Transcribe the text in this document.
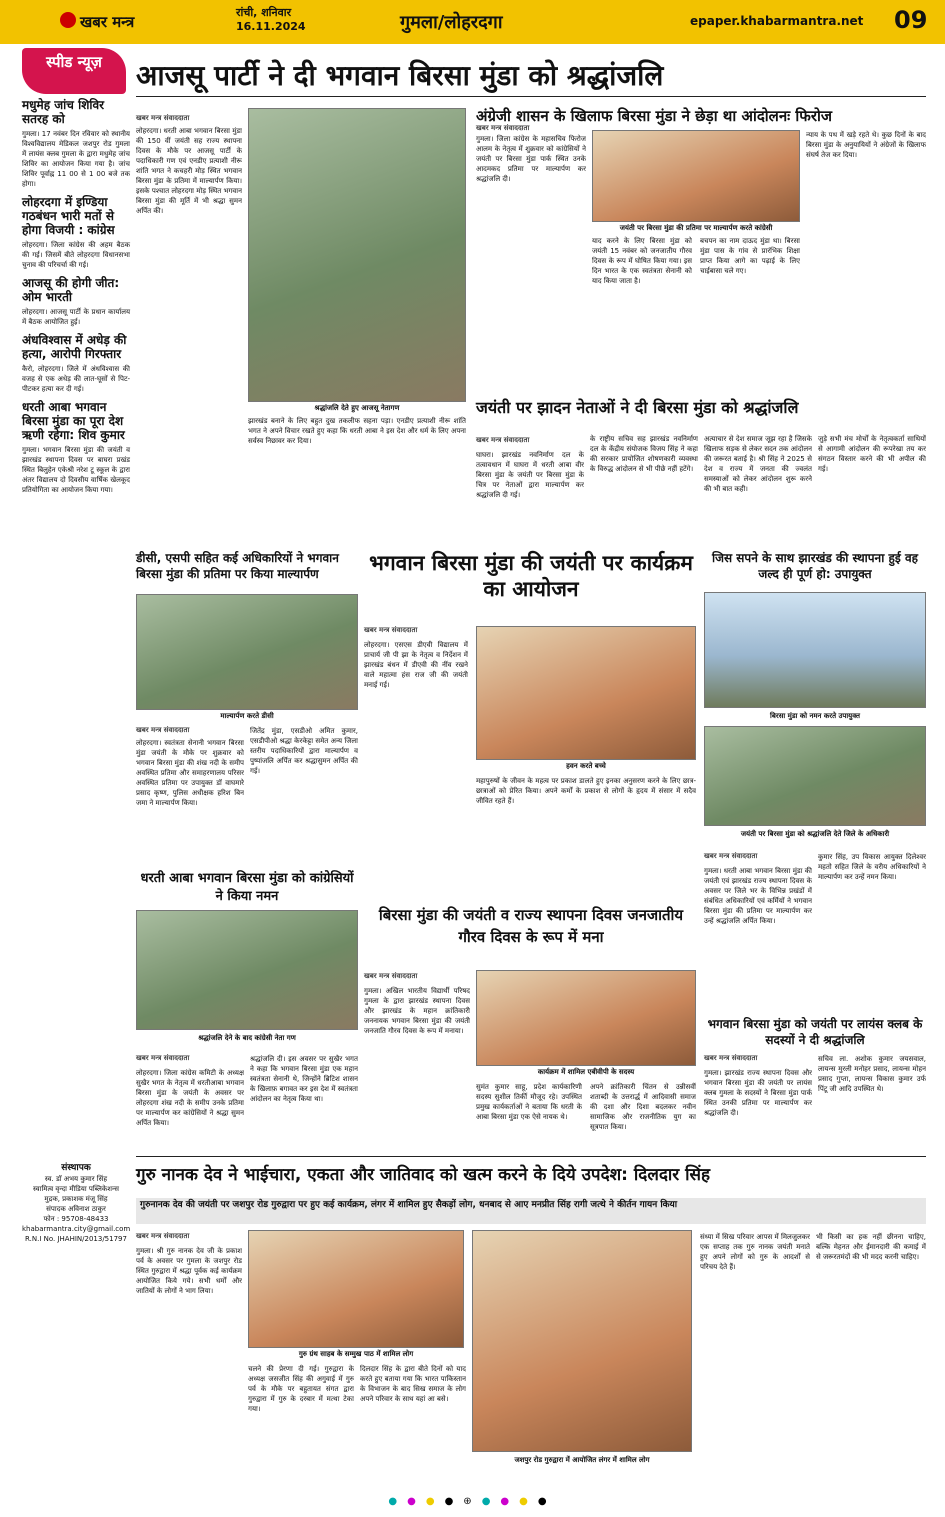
खबर मन्त्र
रांची, शनिवार
16.11.2024	गुमला/लोहरदगा	epaper.khabarmantra.net 09
स्पीड न्यूज़
मधुमेह जांच शिविर सतरह को
गुमला। 17 नवंबर दिन रविवार को स्थानीय विश्वविद्यालय मेडिकल जशपुर रोड गुमला में लायंस क्लब गुमला के द्वारा मधुमेह जांच शिविर का आयोजन किया गया है। जांच शिविर पूर्वाह्न 11 00 से 1 00 बजे तक होगा।
लोहरदगा में इण्डिया गठबंधन भारी मतों से होगा विजयी : कांग्रेस
लोहरदगा। जिला कांग्रेस की अहम बैठक की गई। जिसमें बीते लोहरदगा विधानसभा चुनाव की परिचर्चा की गई।
आजसू की होगी जीत: ओम भारती
लोहरदगा। आजसू पार्टी के प्रधान कार्यालय में बैठक आयोजित हुई।
अंधविश्वास में अधेड़ की हत्या, आरोपी गिरफ्तार
कैरो, लोहरदगा। जिले में अंधविश्वास की वजह से एक अधेड़ की लात-घूसों से पिट-पीटकर हत्या कर दी गई।
धरती आबा भगवान बिरसा मुंडा का पूरा देश ऋणी रहेगा: शिव कुमार
गुमला। भगवान बिरसा मुंडा की जयंती व झारखंड स्थापना दिवस पर बाघरा प्रखंड स्थित बिलुहेन एकेश्री नरेश टू स्कूल के द्वारा अंतर विद्यालय दो दिवसीय वार्षिक खेलकूद प्रतियोगिता का आयोजन किया गया।
संस्थापक
स्व. डॉ अभय कुमार सिंह
स्वामित्व वृन्दा मीडिया पब्लिकेशन्स
मुद्रक, प्रकाशक मंजू सिंह
संपादक अविनाश ठाकुर
फोन : 95708-48433
khabarmantra.city@gmail.com
R.N.I No. JHAHIN/2013/51797
आजसू पार्टी ने दी भगवान बिरसा मुंडा को श्रद्धांजलि
खबर मन्त्र संवाददाता
लोहरदगा। धरती आबा भगवान बिरसा मुंडा की 150 वीं जयंती सह राज्य स्थापना दिवस के मौके पर आजसू पार्टी के पदाधिकारी गण एवं एनडीए प्रत्याशी नीरू शांति भगत ने कचहरी मोड़ स्थित भगवान बिरसा मुंडा के प्रतिमा में माल्यार्पण किया। इसके पश्चात लोहरदगा मोड़ स्थित भगवान बिरसा मुंडा की मूर्ति में भी श्रद्धा सुमन अर्पित की।
श्रद्धांजलि देते हुए आजसू नेतागण
झारखंड बनाने के लिए बहुत दुख तकलीफ सहना पड़ा। एनडीए प्रत्याशी नीरू शांति भगत ने अपने विचार रखते हुए कहा कि धरती आबा ने इस देश और धर्म के लिए अपना सर्वस्व निछावर कर दिया।
अंग्रेजी शासन के खिलाफ बिरसा मुंडा ने छेड़ा था आंदोलनः फिरोज
खबर मन्त्र संवाददाता
गुमला। जिला कांग्रेस के महासचिव फिरोज आलम के नेतृत्व में शुक्रवार को कांग्रेसियों ने जयंती पर बिरसा मुंडा पार्क स्थित उनके आदमकद प्रतिमा पर माल्यार्पण कर श्रद्धांजलि दी।
जयंती पर बिरसा मुंडा की प्रतिमा पर माल्यार्पण करते कांग्रेसी
याद करने के लिए बिरसा मुंडा को जयंती 15 नवंबर को जनजातीय गौरव दिवस के रूप में घोषित किया गया। इस दिन भारत के एक स्वतंत्रता सेनानी को याद किया जाता है।
बचपन का नाम दाऊद मुंडा था। बिरसा मुंडा पास के गांव से प्रारंभिक शिक्षा प्राप्त किया आगे का पढ़ाई के लिए चाईबासा चले गए।
न्याय के पथ में खड़े रहते थे। कुछ दिनों के बाद बिरसा मुंडा के अनुयायियों ने अंग्रेजों के खिलाफ संघर्ष तेज कर दिया।
जयंती पर झादन नेताओं ने दी बिरसा मुंडा को श्रद्धांजलि
खबर मन्त्र संवाददाता
घाघरा। झारखंड नवनिर्माण दल के तत्वावधान में घाघरा में धरती आबा वीर बिरसा मुंडा के जयंती पर बिरसा मुंडा के चित्र पर नेताओं द्वारा माल्यार्पण कर श्रद्धांजलि दी गई।
के राष्ट्रीय सचिव सह झारखंड नवनिर्माण दल के केंद्रीय संयोजक विजय सिंह ने कहा की सरकार प्रायोजित शोषणकारी व्यवस्था के विरुद्ध आंदोलन से भी पीछे नहीं हटेंगे।
अत्याचार से देश समाज जूझ रहा है जिसके खिलाफ सड़क से लेकर सदन तक आंदोलन की जरूरत बताई है। श्री सिंह ने 2025 से देश व राज्य में जनता की ज्वलंत समस्याओं को लेकर आंदोलन शुरू करने की भी बात कही।
जुड़े सभी मंच मोर्चों के नेतृत्वकर्ता साथियों से आगामी आंदोलन की रूपरेखा तय कर संगठन विस्तार करने की भी अपील की गई।
डीसी, एसपी सहित कई अधिकारियों ने भगवान बिरसा मुंडा की प्रतिमा पर किया माल्यार्पण
माल्यार्पण करते डीसी
खबर मन्त्र संवाददाता
लोहरदगा। स्वतंत्रता सेनानी भगवान बिरसा मुंडा जयंती के मौके पर शुक्रवार को भगवान बिरसा मुंडा की शंख नदी के समीप अवस्थित प्रतिमा और समाहरणालय परिसर अवस्थित प्रतिमा पर उपायुक्त डॉ वाघमारे प्रसाद कृष्ण, पुलिस अधीक्षक हरिश बिन जमा ने माल्यार्पण किया।
जितेंद्र मुंडा, एसडीओ अमित कुमार, एसडीपीओ श्रद्धा केरकेट्टा समेत अन्य जिला स्तरीय पदाधिकारियों द्वारा माल्यार्पण व पुष्पांजलि अर्पित कर श्रद्धासुमन अर्पित की गई।
भगवान बिरसा मुंडा की जयंती पर कार्यक्रम का आयोजन
खबर मन्त्र संवाददाता
लोहरदगा। एसएस डीएवी विद्यालय में प्राचार्य जी पी झा के नेतृत्व व निर्देशन में झारखंड बंधन में डीएवी की नींव रखने वाले महात्मा हंस राज जी की जयंती मनाई गई।
हवन करते बच्चे
महापुरुषों के जीवन के महत्व पर प्रकाश डालते हुए इनका अनुसरण करने के लिए छात्र-छात्राओं को प्रेरित किया। अपने कर्मों के प्रकाश से लोगों के हृदय में संसार में सदैव जीवित रहते हैं।
जिस सपने के साथ झारखंड की स्थापना हुई वह जल्द ही पूर्ण हो: उपायुक्त
बिरसा मुंडा को नमन करते उपायुक्त
जयंती पर बिरसा मुंडा को श्रद्धांजलि देते जिले के अधिकारी
खबर मन्त्र संवाददाता
गुमला। धरती आबा भगवान बिरसा मुंडा की जयंती एवं झारखंड राज्य स्थापना दिवस के अवसर पर जिले भर के विभिन्न प्रखंडों में संबंधित अधिकारियों एवं कर्मियों ने भगवान बिरसा मुंडा की प्रतिमा पर माल्यार्पण कर उन्हें श्रद्धांजलि अर्पित किया।
कुमार सिंह, उप विकास आयुक्त दिलेश्वर महतो सहित जिले के वरीय अधिकारियों ने माल्यार्पण कर उन्हें नमन किया।
धरती आबा भगवान बिरसा मुंडा को कांग्रेसियों ने किया नमन
श्रद्धांजलि देने के बाद कांग्रेसी नेता गण
खबर मन्त्र संवाददाता
लोहरदगा। जिला कांग्रेस कमिटी के अध्यक्ष सुखैर भगत के नेतृत्व में धरतीआबा भगवान बिरसा मुंडा के जयंती के अवसर पर लोहरदगा शंख नदी के समीप उनके प्रतिमा पर माल्यार्पण कर कांग्रेसियों ने श्रद्धा सुमन अर्पित किया।
श्रद्धांजलि दी। इस अवसर पर सुखैर भगत ने कहा कि भगवान बिरसा मुंडा एक महान स्वतंत्रता सेनानी थे, जिन्होंने ब्रिटिश शासन के खिलाफ़ बगावत कर इस देश में स्वतंत्रता आंदोलन का नेतृत्व किया था।
बिरसा मुंडा की जयंती व राज्य स्थापना दिवस जनजातीय गौरव दिवस के रूप में मना
खबर मन्त्र संवाददाता
गुमला। अखिल भारतीय विद्यार्थी परिषद गुमला के द्वारा झारखंड स्थापना दिवस और झारखंड के महान क्रांतिकारी जननायक भगवान बिरसा मुंडा की जयंती जनजाति गौरव दिवस के रूप में मनाया।
कार्यक्रम में शामिल एबीवीपी के सदस्य
सुमंत कुमार साहू, प्रदेश कार्यकारिणी सदस्य सुशील तिर्की मौजूद रहे। उपस्थित प्रमुख कार्यकर्ताओं ने बताया कि धरती के आबा बिरसा मुंडा एक ऐसे नायक थे।
अपने क्रांतिकारी चिंतन से उन्नीसवीं शताब्दी के उत्तरार्द्ध में आदिवासी समाज की दशा और दिशा बदलकर नवीन सामाजिक और राजनीतिक युग का सूत्रपात किया।
भगवान बिरसा मुंडा को जयंती पर लायंस क्लब के सदस्यों ने दी श्रद्धांजलि
खबर मन्त्र संवाददाता
गुमला। झारखंड राज्य स्थापना दिवस और भगवान बिरसा मुंडा की जयंती पर लायंस क्लब गुमला के सदस्यों ने बिरसा मुंडा पार्क स्थित उनकी प्रतिमा पर माल्यार्पण कर श्रद्धांजलि दी।
सचिव ला. अशोक कुमार जयसवाल, लायन्स मुरली मनोहर प्रसाद, लायन्स मोहन प्रसाद गुप्ता, लायन्स विकास कुमार उर्फ पिंटू जी आदि उपस्थित थे।
गुरु नानक देव ने भाईचारा, एकता और जातिवाद को खत्म करने के दिये उपदेश: दिलदार सिंह
गुरुनानक देव की जयंती पर जशपुर रोड गुरुद्वारा पर हुए कई कार्यक्रम, लंगर में शामिल हुए सैकड़ों लोग, धनबाद से आए मनप्रीत सिंह रागी जत्थे ने कीर्तन गायन किया
खबर मन्त्र संवाददाता
गुमला। श्री गुरु नानक देव जी के प्रकाश पर्व के अवसर पर गुमला के जशपुर रोड स्थित गुरुद्वारा में श्रद्धा पूर्वक कई कार्यक्रम आयोजित किये गये। सभी धर्मों और जातियों के लोगों ने भाग लिया।
गुरु ग्रंथ साहब के सम्मुख पाठ में शामिल लोग
चलने की प्रेरणा दी गई। गुरुद्वारा के अध्यक्ष जसजीत सिंह की अगुवाई में गुरु पर्व के मौके पर बहुतायत संगत द्वारा गुरुद्वारा में गुरु के दरबार में मत्था टेका गया।
दिलदार सिंह के द्वारा बीते दिनों को याद करते हुए बताया गया कि भारत पाकिस्तान के विभाजन के बाद सिख समाज के लोग अपने परिवार के साथ यहां आ बसे।
जशपुर रोड गुरुद्वारा में आयोजित लंगर में शामिल लोग
संध्या में सिख परिवार आपस में मिलजुलकर एक सप्ताह तक गुरु नानक जयंती मनाते हुए अपने लोगों को गुरु के आदर्शों से परिचय देते हैं।
भी किसी का हक नहीं छीनना चाहिए, बल्कि मेहनत और ईमानदारी की कमाई में से जरूरतमंदों की भी मदद करनी चाहिए।
●●●●⊕●●●●
